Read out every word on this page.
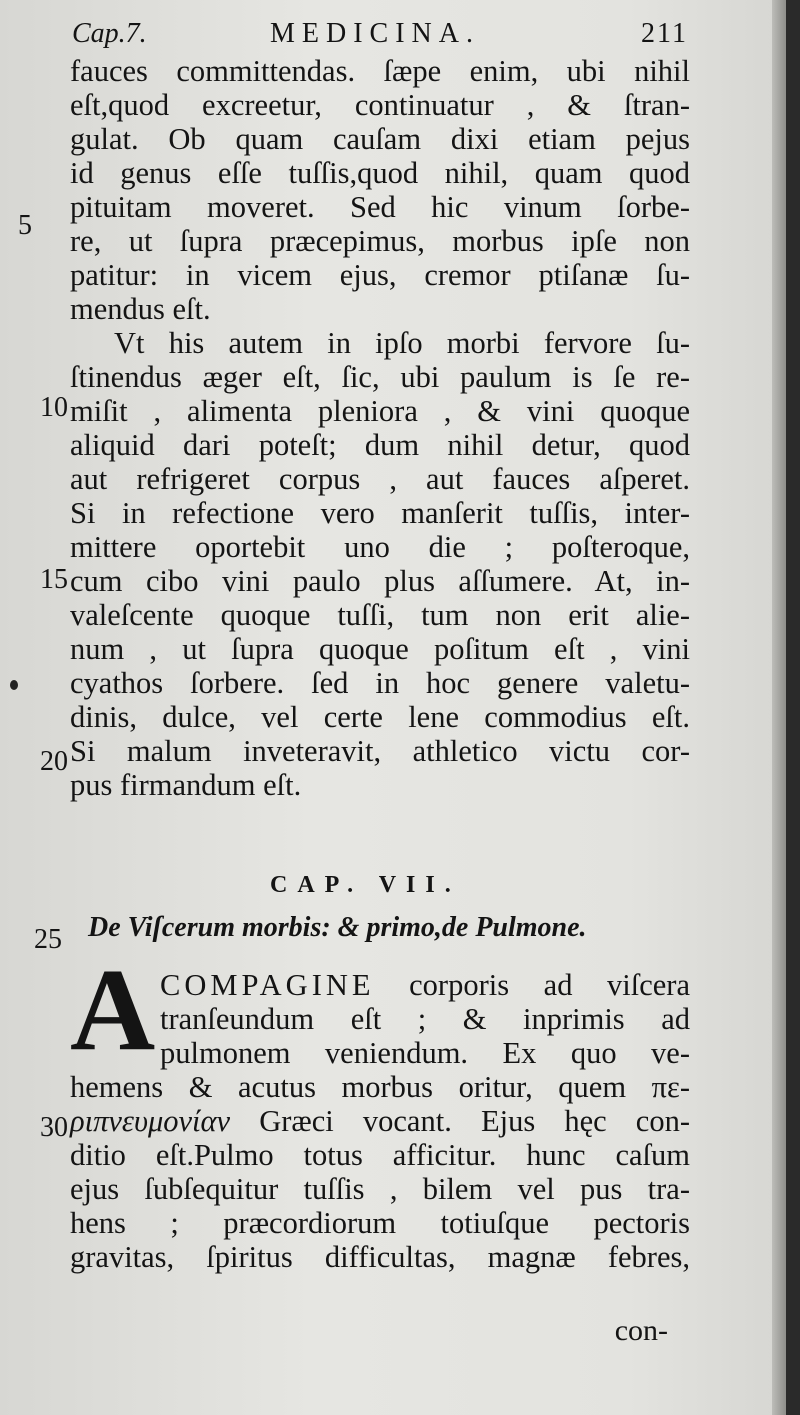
Cap.7.	MEDICINA.	211
fauces committendas. ſæpe enim, ubi nihil
eſt,quod excreetur, continuatur , & ſtran-
gulat. Ob quam cauſam dixi etiam pejus
id genus eſſe tuſſis,quod nihil, quam quod
pituitam moveret. Sed hic vinum ſorbe-
re, ut ſupra præcepimus, morbus ipſe non
patitur: in vicem ejus, cremor ptiſanæ ſu-
mendus eſt.
Vt his autem in ipſo morbi fervore ſu-
ſtinendus æger eſt, ſic, ubi paulum is ſe re-
miſit , alimenta pleniora , & vini quoque
aliquid dari poteſt; dum nihil detur, quod
aut refrigeret corpus , aut fauces aſperet.
Si in refectione vero manſerit tuſſis, inter-
mittere oportebit uno die ; poſteroque,
cum cibo vini paulo plus aſſumere. At, in-
valeſcente quoque tuſſi, tum non erit alie-
num , ut ſupra quoque poſitum eſt , vini
cyathos ſorbere. ſed in hoc genere valetu-
dinis, dulce, vel certe lene commodius eſt.
Si malum inveteravit, athletico victu cor-
pus firmandum eſt.
5
10
15
20
25
30
CAP. VII.
De Viſcerum morbis: & primo,de Pulmone.
A COMPAGINE corporis ad viſcera
tranſeundum eſt ; & inprimis ad
pulmonem veniendum. Ex quo ve-
hemens & acutus morbus oritur, quem πε-
ριπνευμονίαν Græci vocant. Ejus hęc con-
ditio eſt.Pulmo totus afficitur. hunc caſum
ejus ſubſequitur tuſſis , bilem vel pus tra-
hens ; præcordiorum totiuſque pectoris
gravitas, ſpiritus difficultas, magnæ febres,
con-
